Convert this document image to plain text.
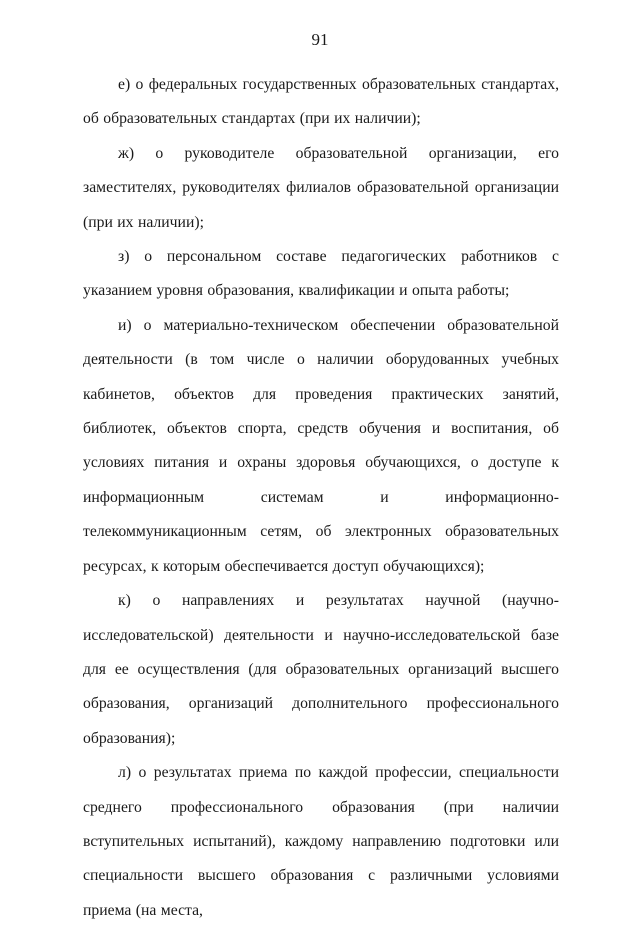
91

е) о федеральных государственных образовательных стандартах, об образовательных стандартах (при их наличии);

ж) о руководителе образовательной организации, его заместителях, руководителях филиалов образовательной организации (при их наличии);

з) о персональном составе педагогических работников с указанием уровня образования, квалификации и опыта работы;

и) о материально-техническом обеспечении образовательной деятельности (в том числе о наличии оборудованных учебных кабинетов, объектов для проведения практических занятий, библиотек, объектов спорта, средств обучения и воспитания, об условиях питания и охраны здоровья обучающихся, о доступе к информационным системам и информационно-телекоммуникационным сетям, об электронных образовательных ресурсах, к которым обеспечивается доступ обучающихся);

к) о направлениях и результатах научной (научно-исследовательской) деятельности и научно-исследовательской базе для ее осуществления (для образовательных организаций высшего образования, организаций дополнительного профессионального образования);

л) о результатах приема по каждой профессии, специальности среднего профессионального образования (при наличии вступительных испытаний), каждому направлению подготовки или специальности высшего образования с различными условиями приема (на места,
